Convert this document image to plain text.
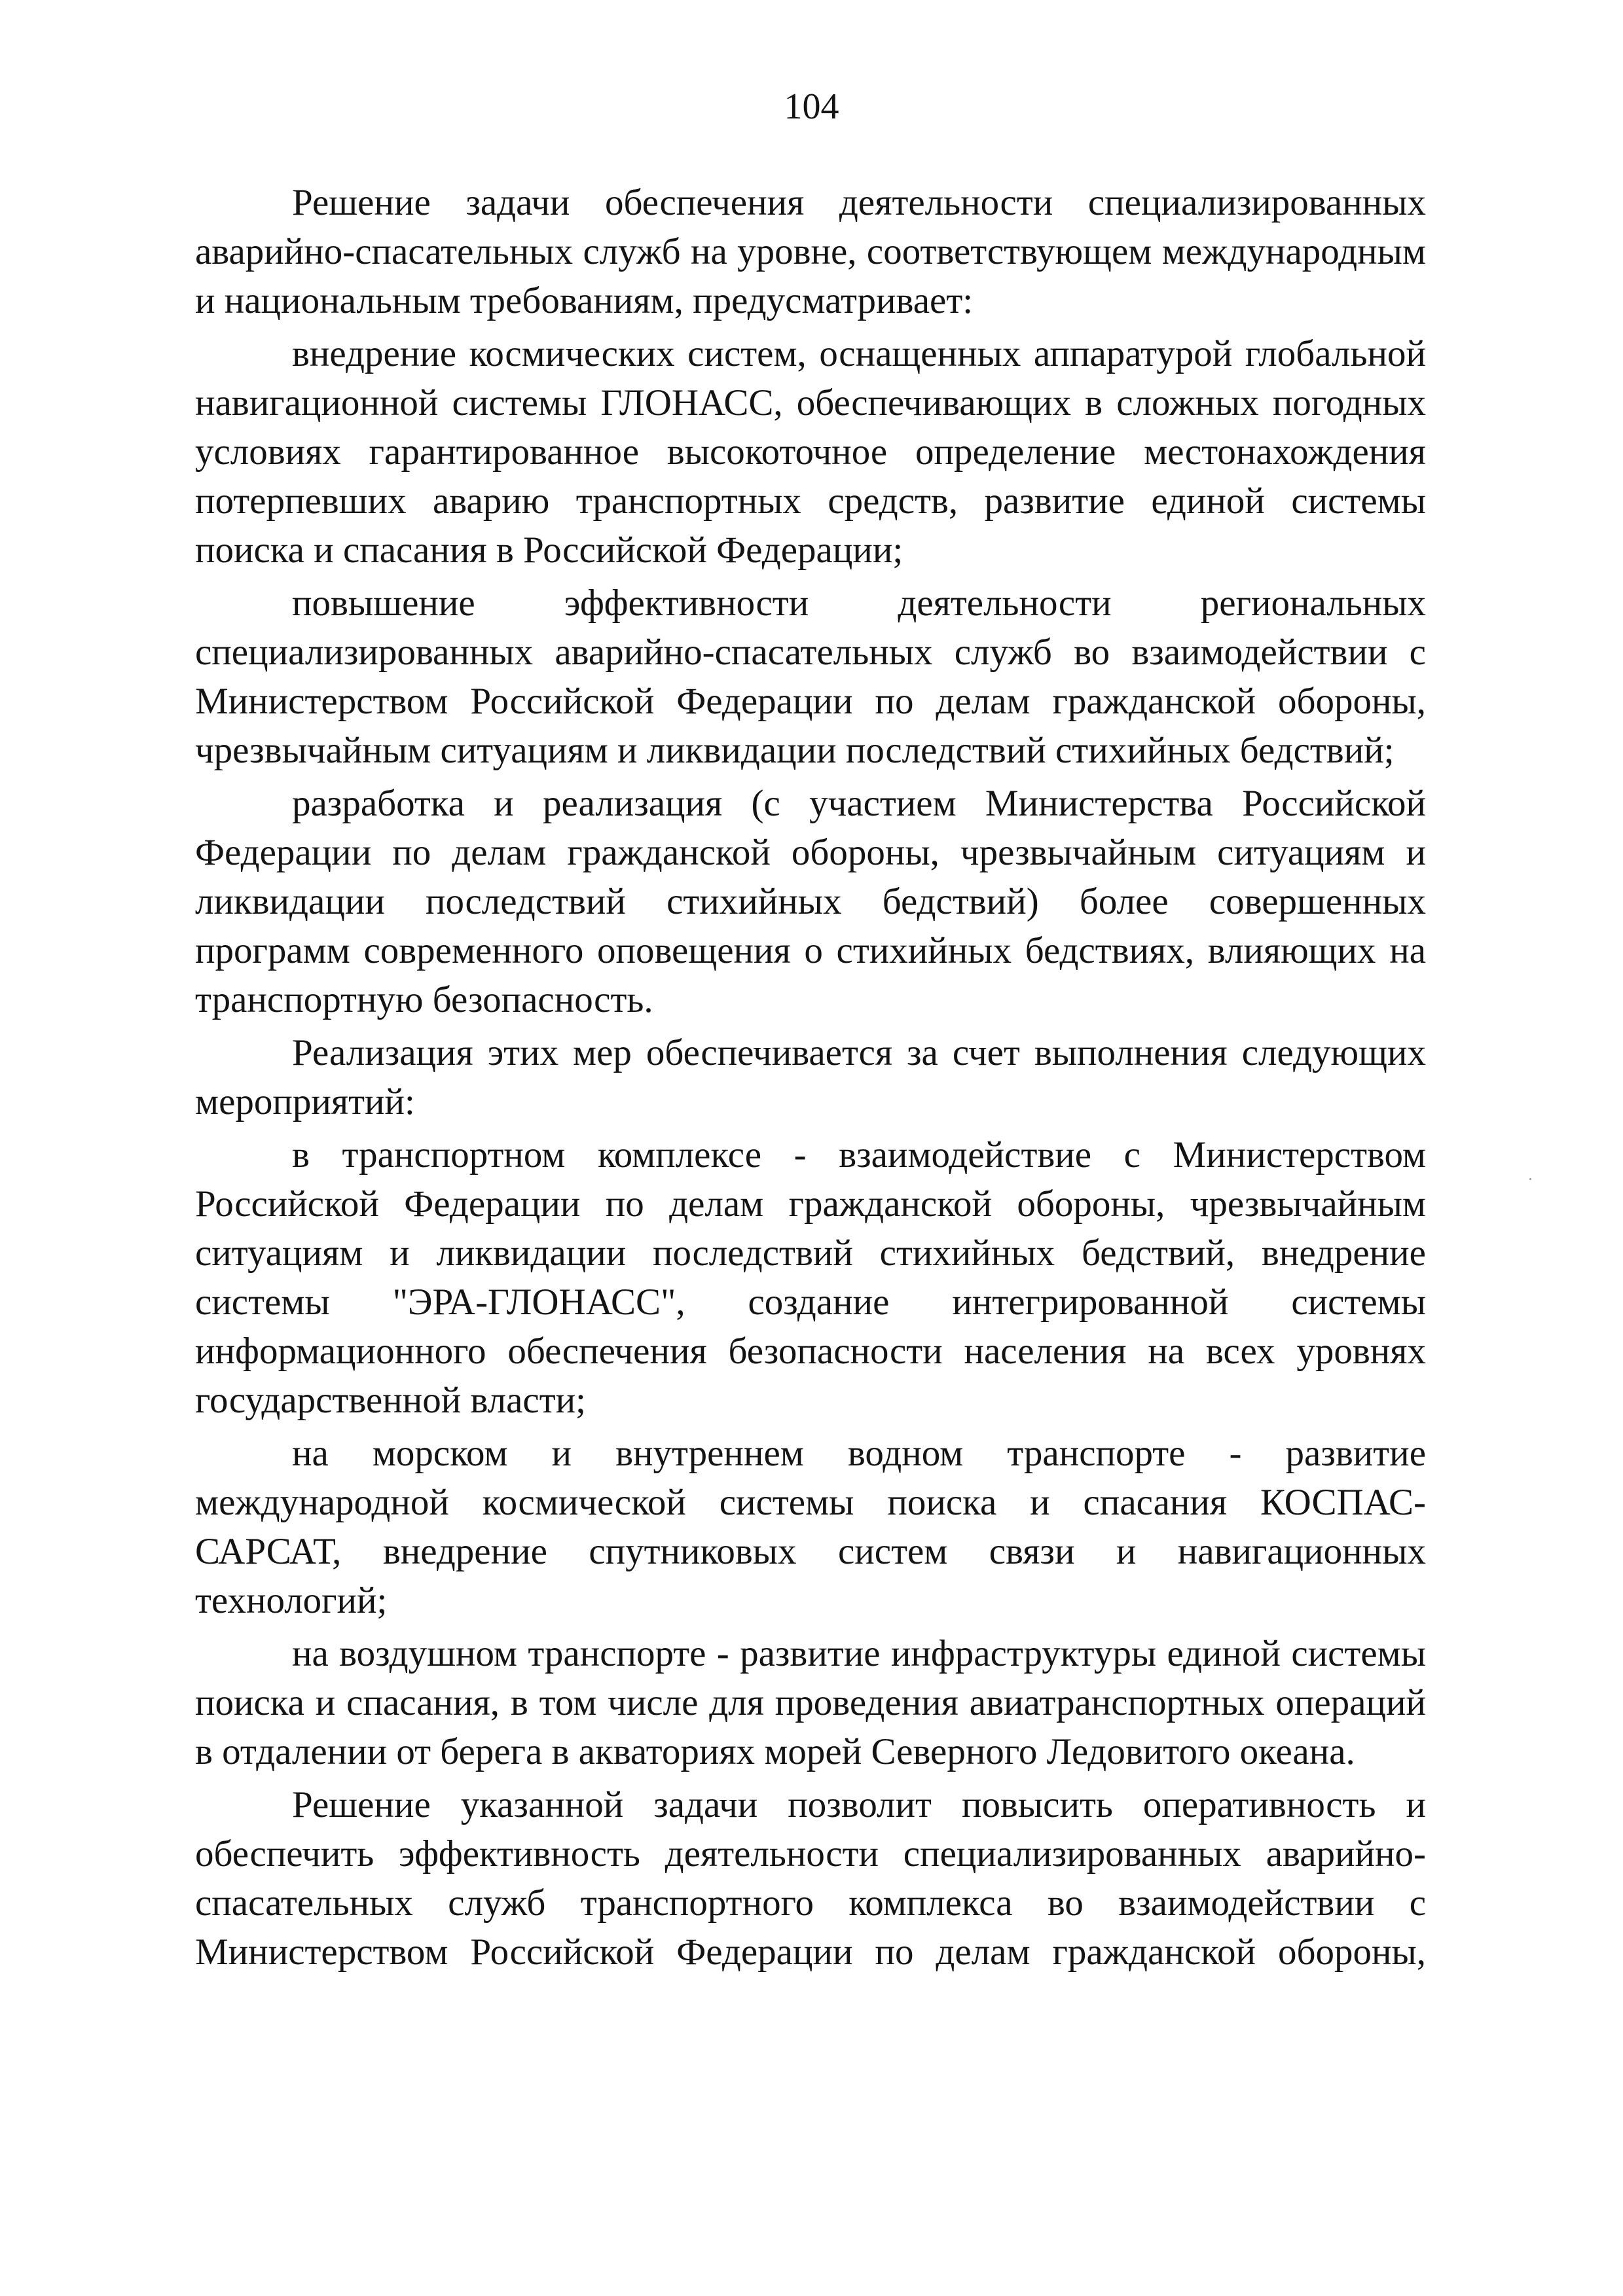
104

Решение задачи обеспечения деятельности специализированных аварийно-спасательных служб на уровне, соответствующем международным и национальным требованиям, предусматривает:

внедрение космических систем, оснащенных аппаратурой глобальной навигационной системы ГЛОНАСС, обеспечивающих в сложных погодных условиях гарантированное высокоточное определение местонахождения потерпевших аварию транспортных средств, развитие единой системы поиска и спасания в Российской Федерации;

повышение эффективности деятельности региональных специализированных аварийно-спасательных служб во взаимодействии с Министерством Российской Федерации по делам гражданской обороны, чрезвычайным ситуациям и ликвидации последствий стихийных бедствий;

разработка и реализация (с участием Министерства Российской Федерации по делам гражданской обороны, чрезвычайным ситуациям и ликвидации последствий стихийных бедствий) более совершенных программ современного оповещения о стихийных бедствиях, влияющих на транспортную безопасность.

Реализация этих мер обеспечивается за счет выполнения следующих мероприятий:

в транспортном комплексе - взаимодействие с Министерством Российской Федерации по делам гражданской обороны, чрезвычайным ситуациям и ликвидации последствий стихийных бедствий, внедрение системы "ЭРА-ГЛОНАСС", создание интегрированной системы информационного обеспечения безопасности населения на всех уровнях государственной власти;

на морском и внутреннем водном транспорте - развитие международной космической системы поиска и спасания КОСПАС-САРСАТ, внедрение спутниковых систем связи и навигационных технологий;

на воздушном транспорте - развитие инфраструктуры единой системы поиска и спасания, в том числе для проведения авиатранспортных операций в отдалении от берега в акваториях морей Северного Ледовитого океана.

Решение указанной задачи позволит повысить оперативность и обеспечить эффективность деятельности специализированных аварийно-спасательных служб транспортного комплекса во взаимодействии с Министерством Российской Федерации по делам гражданской обороны,
